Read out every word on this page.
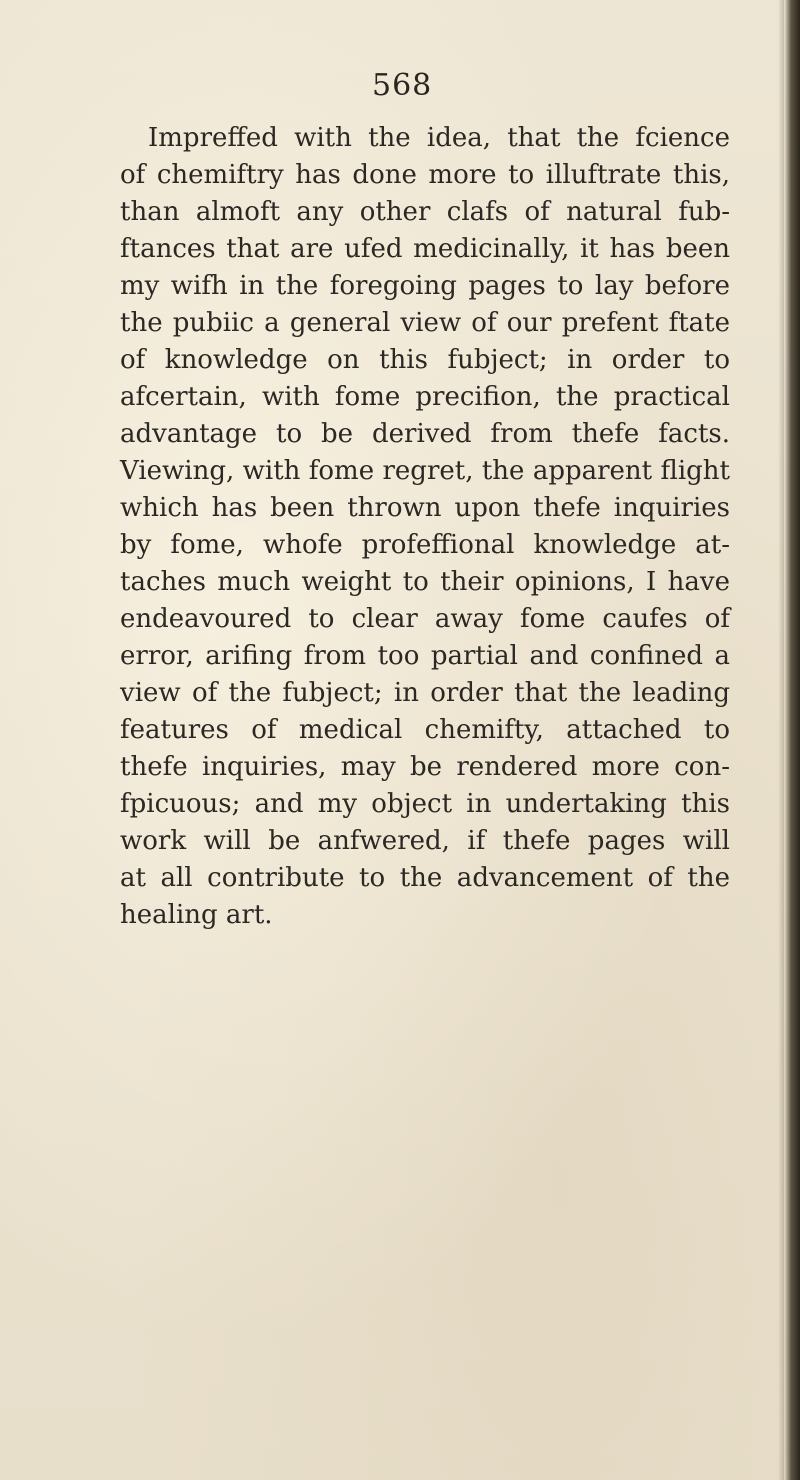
568
Impreffed with the idea, that the fcience
of chemiftry has done more to illuftrate this,
than almoft any other clafs of natural fub-
ftances that are ufed medicinally, it has been
my wifh in the foregoing pages to lay before
the pubiic a general view of our prefent ftate
of knowledge on this fubject; in order to
afcertain, with fome precifion, the practical
advantage to be derived from thefe facts.
Viewing, with fome regret, the apparent flight
which has been thrown upon thefe inquiries
by fome, whofe profeffional knowledge at-
taches much weight to their opinions, I have
endeavoured to clear away fome caufes of
error, arifing from too partial and confined a
view of the fubject; in order that the leading
features of medical chemifty, attached to
thefe inquiries, may be rendered more con-
fpicuous; and my object in undertaking this
work will be anfwered, if thefe pages will
at all contribute to the advancement of the
healing art.
